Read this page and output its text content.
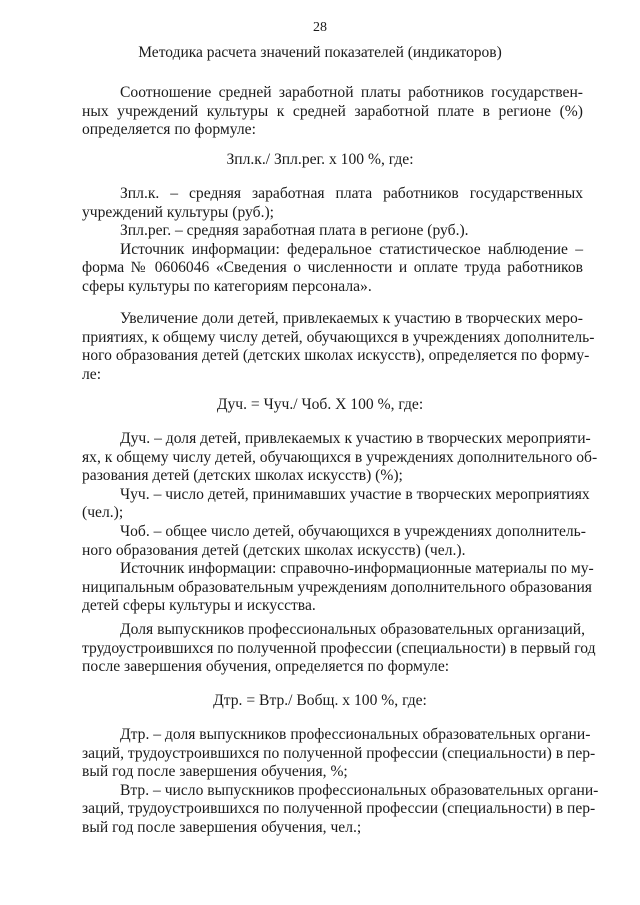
28
Методика расчета значений показателей (индикаторов)
Соотношение средней заработной платы работников государствен-
ных учреждений культуры к средней заработной плате в регионе (%)
определяется по формуле:
Зпл.к./ Зпл.рег. х 100 %, где:
Зпл.к. – средняя заработная плата работников государственных
учреждений культуры (руб.);
Зпл.рег. – средняя заработная плата в регионе (руб.).
Источник информации: федеральное статистическое наблюдение –
форма № 0606046 «Сведения о численности и оплате труда работников
сферы культуры по категориям персонала».
Увеличение доли детей, привлекаемых к участию в творческих меро-
приятиях, к общему числу детей, обучающихся в учреждениях дополнитель-
ного образования детей (детских школах искусств), определяется по форму-
ле:
Дуч. = Чуч./ Чоб. Х 100 %, где:
Дуч. – доля детей, привлекаемых к участию в творческих мероприяти-
ях, к общему числу детей, обучающихся в учреждениях дополнительного об-
разования детей (детских школах искусств) (%);
Чуч. – число детей, принимавших участие в творческих мероприятиях
(чел.);
Чоб. – общее число детей, обучающихся в учреждениях дополнитель-
ного образования детей (детских школах искусств) (чел.).
Источник информации: справочно-информационные материалы по му-
ниципальным образовательным учреждениям дополнительного образования
детей сферы культуры и искусства.
Доля выпускников профессиональных образовательных организаций,
трудоустроившихся по полученной профессии (специальности) в первый год
после завершения обучения, определяется по формуле:
Дтр. = Втр./ Вобщ. х 100 %, где:
Дтр. – доля выпускников профессиональных образовательных органи-
заций, трудоустроившихся по полученной профессии (специальности) в пер-
вый год после завершения обучения, %;
Втр. – число выпускников профессиональных образовательных органи-
заций, трудоустроившихся по полученной профессии (специальности) в пер-
вый год после завершения обучения, чел.;
